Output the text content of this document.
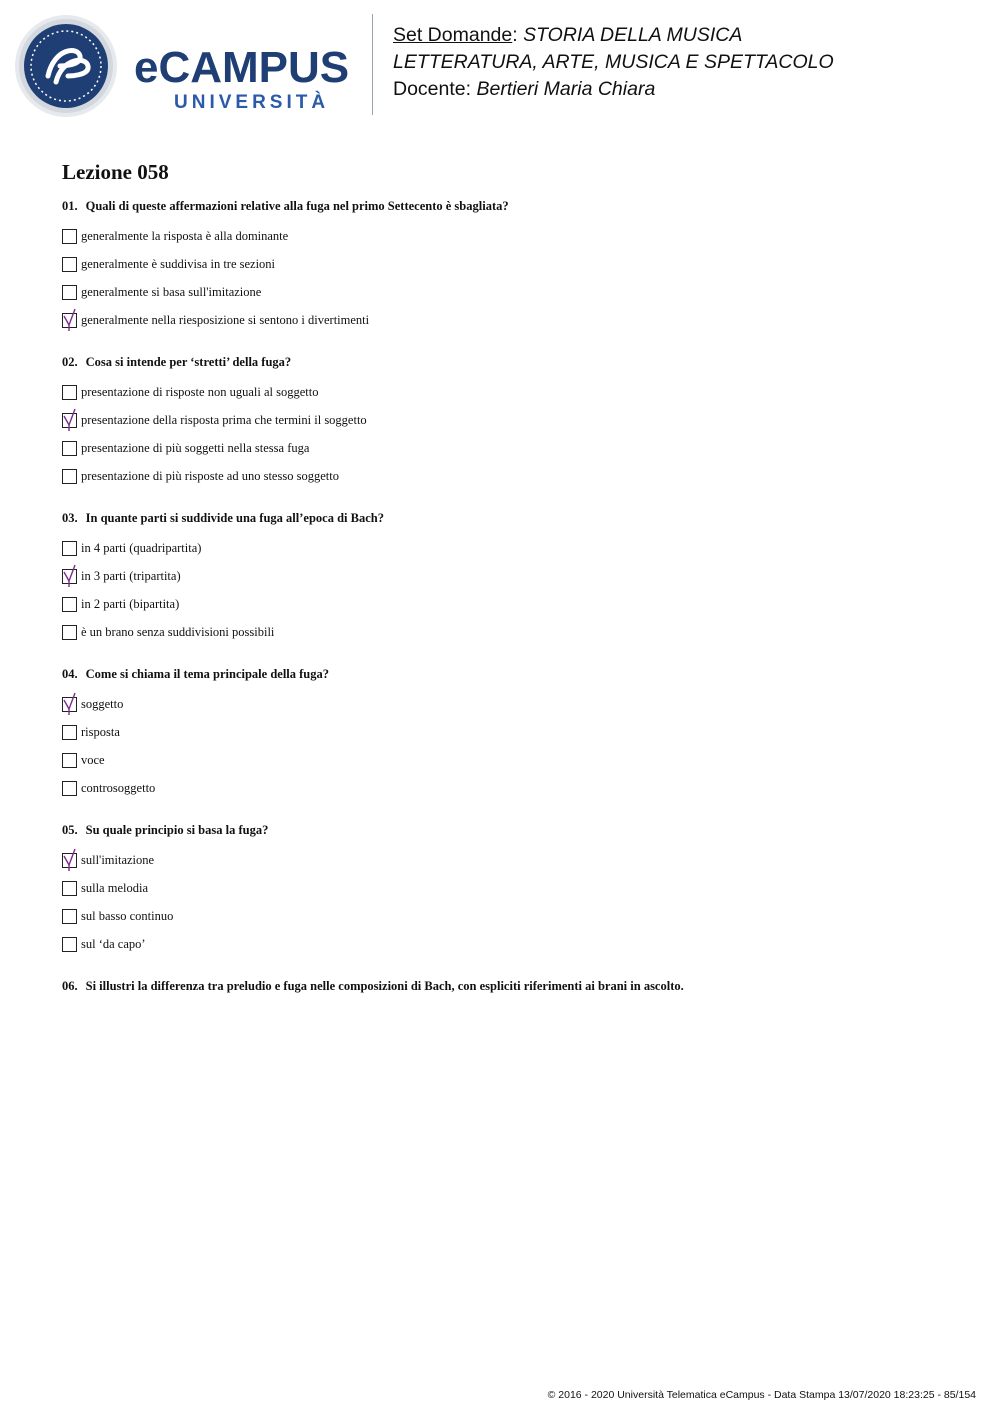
eCAMPUS
UNIVERSITÀ
Set Domande: STORIA DELLA MUSICA
LETTERATURA, ARTE, MUSICA E SPETTACOLO
Docente: Bertieri Maria Chiara
Lezione 058
01. Quali di queste affermazioni relative alla fuga nel primo Settecento è sbagliata?
generalmente la risposta è alla dominante
generalmente è suddivisa in tre sezioni
generalmente si basa sull'imitazione
generalmente nella riesposizione si sentono i divertimenti
02. Cosa si intende per ‘stretti’ della fuga?
presentazione di risposte non uguali al soggetto
presentazione della risposta prima che termini il soggetto
presentazione di più soggetti nella stessa fuga
presentazione di più risposte ad uno stesso soggetto
03. In quante parti si suddivide una fuga all’epoca di Bach?
in 4 parti (quadripartita)
in 3 parti (tripartita)
in 2 parti (bipartita)
è un brano senza suddivisioni possibili
04. Come si chiama il tema principale della fuga?
soggetto
risposta
voce
controsoggetto
05. Su quale principio si basa la fuga?
sull'imitazione
sulla melodia
sul basso continuo
sul ‘da capo’
06. Si illustri la differenza tra preludio e fuga nelle composizioni di Bach, con espliciti riferimenti ai brani in ascolto.
© 2016 - 2020 Università Telematica eCampus - Data Stampa 13/07/2020 18:23:25 - 85/154
